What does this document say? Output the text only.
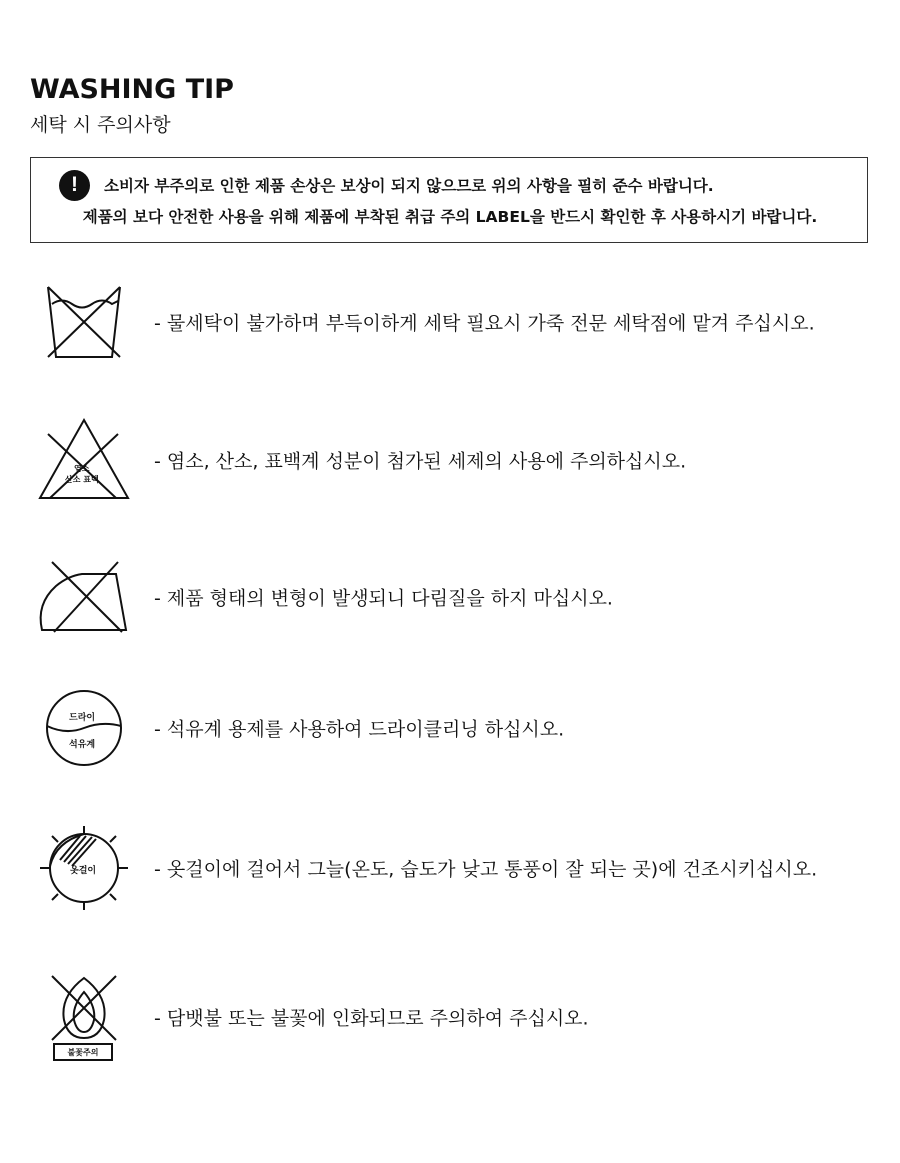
WASHING TIP
세탁 시 주의사항
!	소비자 부주의로 인한 제품 손상은 보상이 되지 않으므로 위의 사항을 필히 준수 바랍니다.
제품의 보다 안전한 사용을 위해 제품에 부착된 취급 주의 LABEL을 반드시 확인한 후 사용하시기 바랍니다.
- 물세탁이 불가하며 부득이하게 세탁 필요시 가죽 전문 세탁점에 맡겨 주십시오.
염소
산소 표백
- 염소, 산소, 표백계 성분이 첨가된 세제의 사용에 주의하십시오.
- 제품 형태의 변형이 발생되니 다림질을 하지 마십시오.
드라이
석유계
- 석유계 용제를 사용하여 드라이클리닝 하십시오.
옷걸이	- 옷걸이에 걸어서 그늘(온도, 습도가 낮고 통풍이 잘 되는 곳)에 건조시키십시오.
불꽃주의
- 담뱃불 또는 불꽃에 인화되므로 주의하여 주십시오.
